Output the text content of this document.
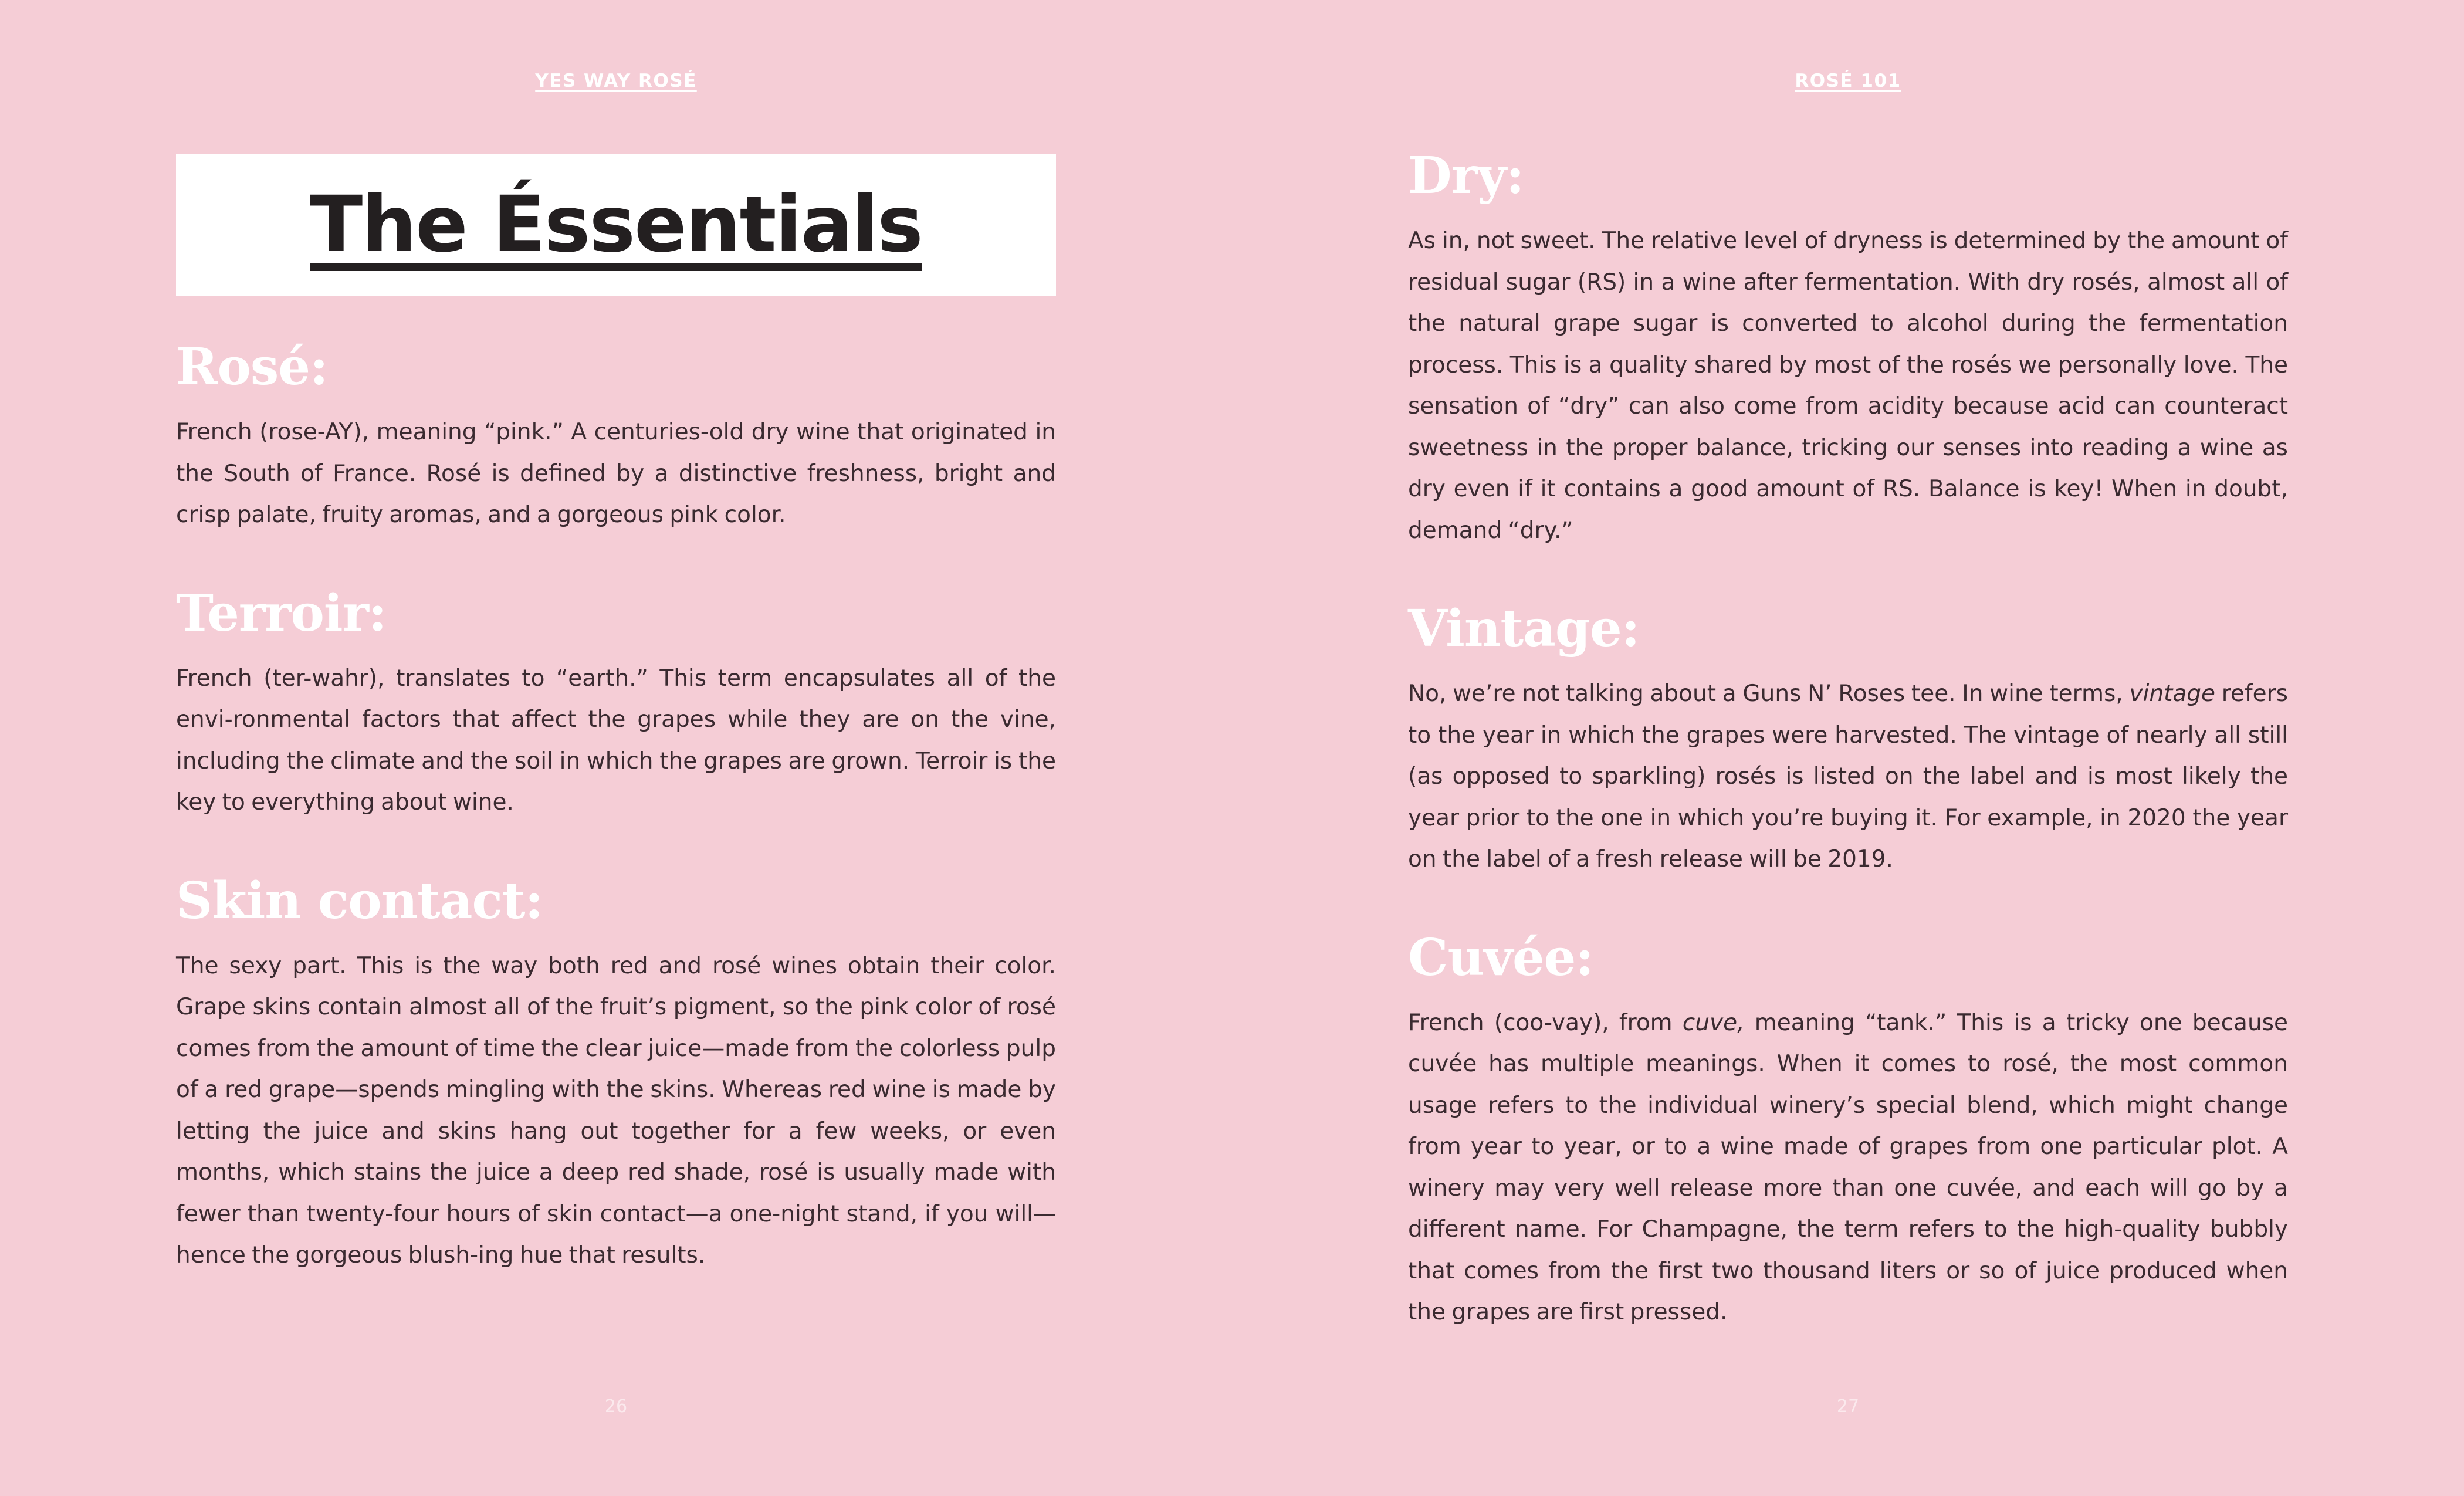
YES WAY ROSÉ
The Éssentials
Rosé:

French (rose-AY), meaning “pink.” A centuries-old dry wine that originated in the South of France. Rosé is defined by a distinctive freshness, bright and crisp palate, fruity aromas, and a gorgeous pink color.

Terroir:

French (ter-wahr), translates to “earth.” This term encapsulates all of the envi-ronmental factors that affect the grapes while they are on the vine, including the climate and the soil in which the grapes are grown. Terroir is the key to everything about wine.

Skin contact:

The sexy part. This is the way both red and rosé wines obtain their color. Grape skins contain almost all of the fruit’s pigment, so the pink color of rosé comes from the amount of time the clear juice—made from the colorless pulp of a red grape—spends mingling with the skins. Whereas red wine is made by letting the juice and skins hang out together for a few weeks, or even months, which stains the juice a deep red shade, rosé is usually made with fewer than twenty-four hours of skin contact—a one-night stand, if you will—hence the gorgeous blush-ing hue that results.

26
ROSÉ 101
Dry:

As in, not sweet. The relative level of dryness is determined by the amount of residual sugar (RS) in a wine after fermentation. With dry rosés, almost all of the natural grape sugar is converted to alcohol during the fermentation process. This is a quality shared by most of the rosés we personally love. The sensation of “dry” can also come from acidity because acid can counteract sweetness in the proper balance, tricking our senses into reading a wine as dry even if it contains a good amount of RS. Balance is key! When in doubt, demand “dry.”

Vintage:

No, we’re not talking about a Guns N’ Roses tee. In wine terms, vintage refers to the year in which the grapes were harvested. The vintage of nearly all still (as opposed to sparkling) rosés is listed on the label and is most likely the year prior to the one in which you’re buying it. For example, in 2020 the year on the label of a fresh release will be 2019.

Cuvée:

French (coo-vay), from cuve, meaning “tank.” This is a tricky one because cuvée has multiple meanings. When it comes to rosé, the most common usage refers to the individual winery’s special blend, which might change from year to year, or to a wine made of grapes from one particular plot. A winery may very well release more than one cuvée, and each will go by a different name. For Champagne, the term refers to the high-quality bubbly that comes from the first two thousand liters or so of juice produced when the grapes are first pressed.

27
